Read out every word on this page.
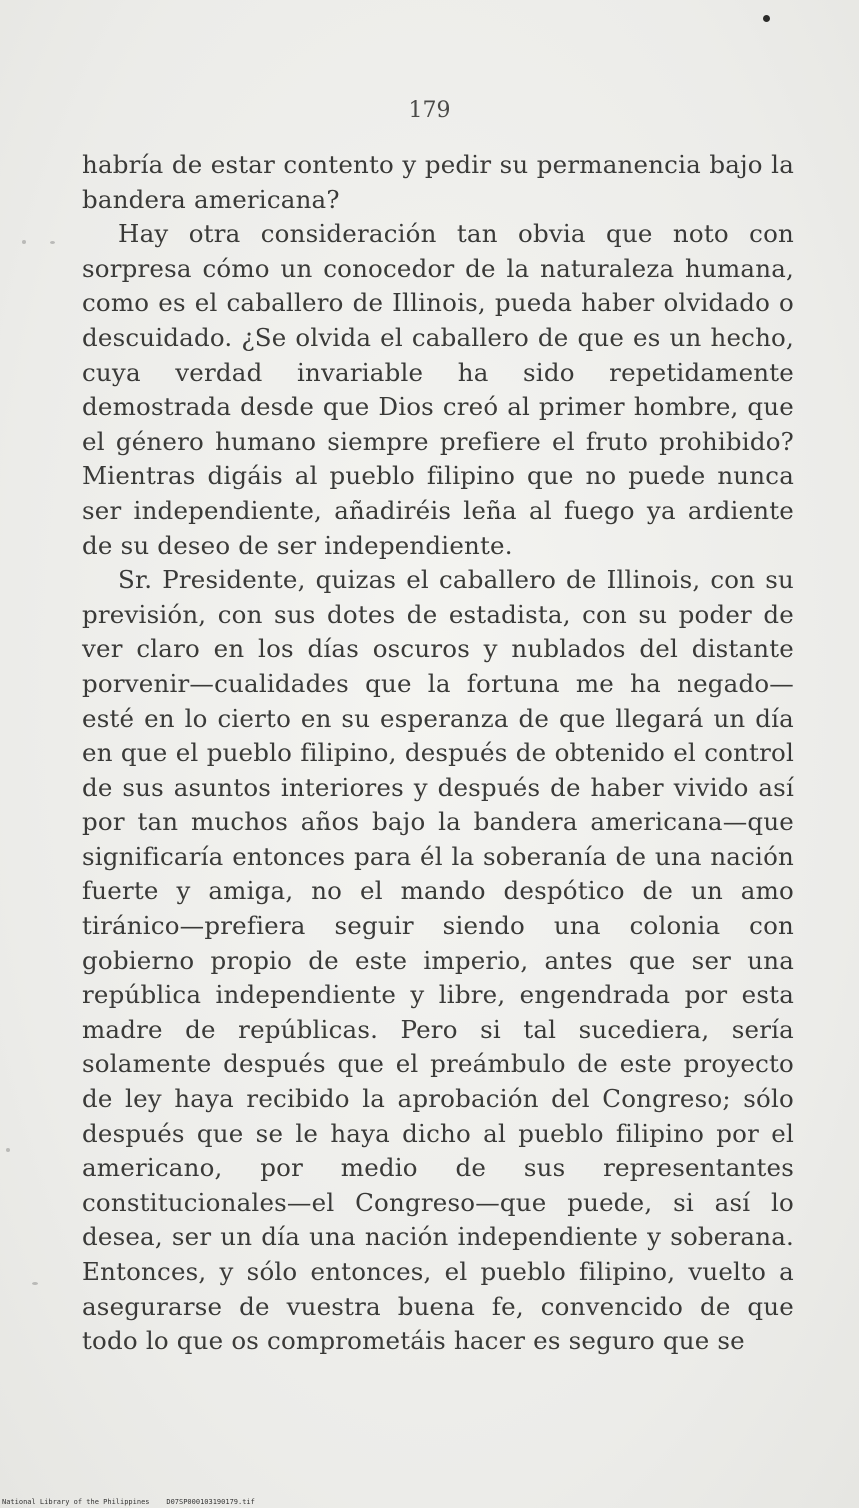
179

habría de estar contento y pedir su permanencia bajo la bandera americana?

Hay otra consideración tan obvia que noto con sorpresa cómo un conocedor de la naturaleza humana, como es el caballero de Illinois, pueda haber olvidado o descuidado. ¿Se olvida el caballero de que es un hecho, cuya verdad invariable ha sido repetidamente demostrada desde que Dios creó al primer hombre, que el género humano siempre prefiere el fruto prohibido? Mientras digáis al pueblo filipino que no puede nunca ser independiente, añadiréis leña al fuego ya ardiente de su deseo de ser independiente.

Sr. Presidente, quizas el caballero de Illinois, con su previsión, con sus dotes de estadista, con su poder de ver claro en los días oscuros y nublados del distante porvenir—cualidades que la fortuna me ha negado—esté en lo cierto en su esperanza de que llegará un día en que el pueblo filipino, después de obtenido el control de sus asuntos interiores y después de haber vivido así por tan muchos años bajo la bandera americana—que significaría entonces para él la soberanía de una nación fuerte y amiga, no el mando despótico de un amo tiránico—prefiera seguir siendo una colonia con gobierno propio de este imperio, antes que ser una república independiente y libre, engendrada por esta madre de repúblicas. Pero si tal sucediera, sería solamente después que el preámbulo de este proyecto de ley haya recibido la aprobación del Congreso; sólo después que se le haya dicho al pueblo filipino por el americano, por medio de sus representantes constitucionales—el Congreso—que puede, si así lo desea, ser un día una nación independiente y soberana. Entonces, y sólo entonces, el pueblo filipino, vuelto a asegurarse de vuestra buena fe, convencido de que todo lo que os comprometáis hacer es seguro que se

National Library of the Philippines    D07SP000103190179.tif
